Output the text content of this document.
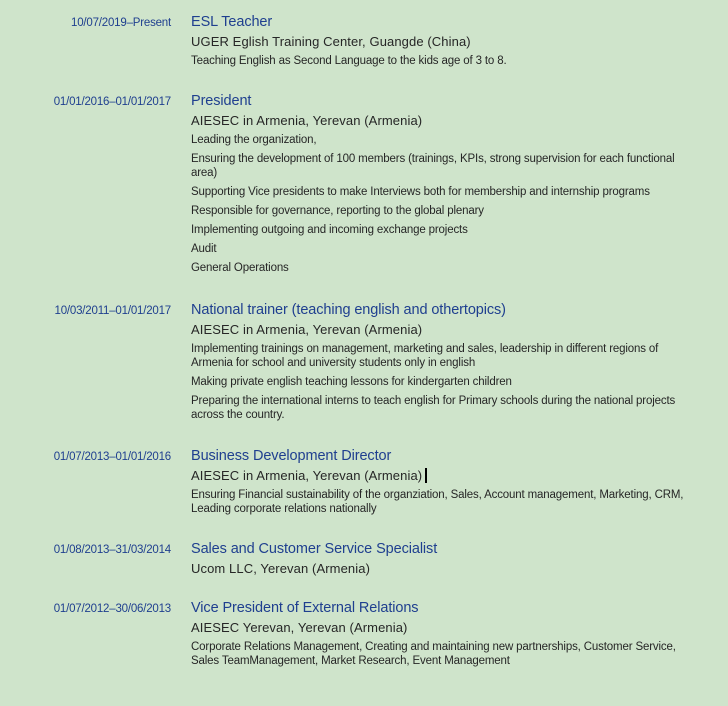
10/07/2019–Present ESL Teacher
UGER Eglish Training Center, Guangde (China)
Teaching English as Second Language to the kids age of 3 to 8.
01/01/2016–01/01/2017 President
AIESEC in Armenia, Yerevan (Armenia)
Leading the organization,
Ensuring the development of 100 members (trainings, KPIs, strong supervision for each functional area)
Supporting Vice presidents to make Interviews both for membership and internship programs
Responsible for governance, reporting to the global plenary
Implementing outgoing and incoming exchange projects
Audit
General Operations
10/03/2011–01/01/2017 National trainer (teaching english and othertopics)
AIESEC in Armenia, Yerevan (Armenia)
Implementing trainings on management, marketing and sales, leadership in different regions of Armenia for school and university students only in english
Making private english teaching lessons for kindergarten children
Preparing the international interns to teach english for Primary schools during the national projects across the country.
01/07/2013–01/01/2016 Business Development Director
AIESEC in Armenia, Yerevan (Armenia)
Ensuring Financial sustainability of the organziation, Sales, Account management, Marketing, CRM, Leading corporate relations nationally
01/08/2013–31/03/2014 Sales and Customer Service Specialist
Ucom LLC, Yerevan (Armenia)
01/07/2012–30/06/2013 Vice President of External Relations
AIESEC Yerevan, Yerevan (Armenia)
Corporate Relations Management, Creating and maintaining new partnerships, Customer Service, Sales TeamManagement, Market Research, Event Management
